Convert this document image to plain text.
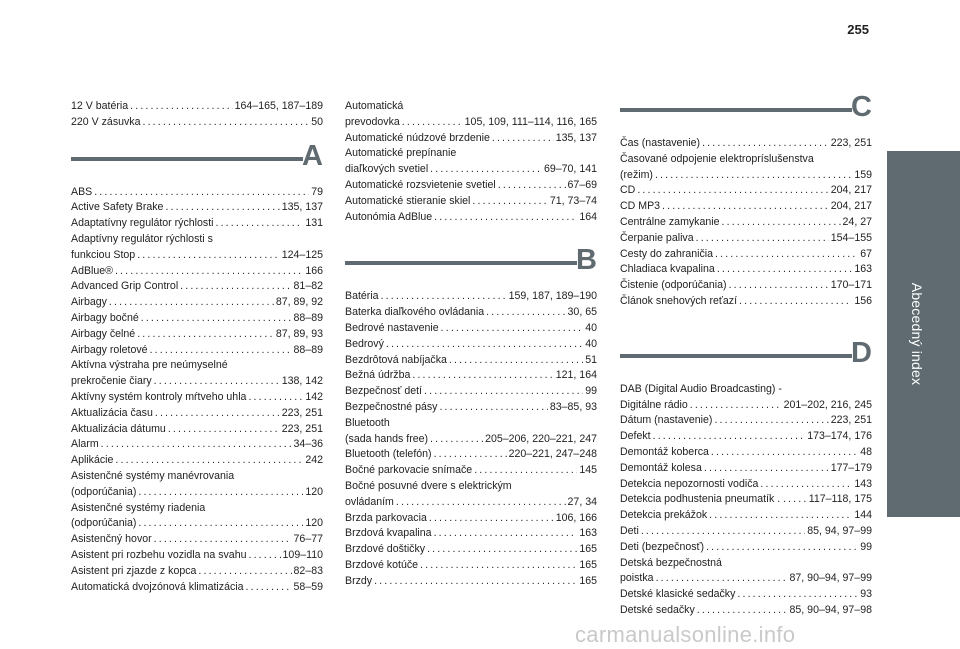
255
Abecedný index
12 V batéria . . .	164–165, 187–189
220 V zásuvka . . .	50
A
ABS . . .	79
Active Safety Brake . . .	135, 137
Adaptatívny regulátor rýchlosti . . .	131
Adaptívny regulátor rýchlosti s
funkciou Stop . . .	124–125
AdBlue® . . .	166
Advanced Grip Control . . .	81–82
Airbagy . . .	87, 89, 92
Airbagy bočné . . .	88–89
Airbagy čelné . . .	87, 89, 93
Airbagy roletové . . .	88–89
Aktívna výstraha pre neúmyselné
prekročenie čiary . . .	138, 142
Aktívny systém kontroly mŕtveho uhla . . .	142
Aktualizácia času . . .	223, 251
Aktualizácia dátumu . . .	223, 251
Alarm . . .	34–36
Aplikácie . . .	242
Asistenčné systémy manévrovania
(odporúčania) . . .	120
Asistenčné systémy riadenia
(odporúčania) . . .	120
Asistenčný hovor . . .	76–77
Asistent pri rozbehu vozidla na svahu . . .	109–110
Asistent pri zjazde z kopca . . .	82–83
Automatická dvojzónová klimatizácia . . .	58–59
Automatická
prevodovka . . .	105, 109, 111–114, 116, 165
Automatické núdzové brzdenie . . .	135, 137
Automatické prepínanie
diaľkových svetiel . . .	69–70, 141
Automatické rozsvietenie svetiel . . .	67–69
Automatické stieranie skiel . . .	71, 73–74
Autonómia AdBlue . . .	164
B
Batéria . . .	159, 187, 189–190
Baterka diaľkového ovládania . . .	30, 65
Bedrové nastavenie . . .	40
Bedrový . . .	40
Bezdrôtová nabíjačka . . .	51
Bežná údržba . . .	121, 164
Bezpečnosť detí . . .	99
Bezpečnostné pásy . . .	83–85, 93
Bluetooth
(sada hands free) . . .	205–206, 220–221, 247
Bluetooth (telefón) . . .	220–221, 247–248
Bočné parkovacie snímače . . .	145
Bočné posuvné dvere s elektrickým
ovládaním . . .	27, 34
Brzda parkovacia . . .	106, 166
Brzdová kvapalina . . .	163
Brzdové doštičky . . .	165
Brzdové kotúče . . .	165
Brzdy . . .	165
C
Čas (nastavenie) . . .	223, 251
Časované odpojenie elektropríslušenstva
(režim) . . .	159
CD . . .	204, 217
CD MP3 . . .	204, 217
Centrálne zamykanie . . .	24, 27
Čerpanie paliva . . .	154–155
Cesty do zahraničia . . .	67
Chladiaca kvapalina . . .	163
Čistenie (odporúčania) . . .	170–171
Článok snehových reťazí . . .	156
D
DAB (Digital Audio Broadcasting) -
Digitálne rádio . . .	201–202, 216, 245
Dátum (nastavenie) . . .	223, 251
Defekt . . .	173–174, 176
Demontáž koberca . . .	48
Demontáž kolesa . . .	177–179
Detekcia nepozornosti vodiča . . .	143
Detekcia podhustenia pneumatík . . . . . 117–118, 175
Detekcia prekážok . . .	144
Deti . . .	85, 94, 97–99
Deti (bezpečnosť) . . .	99
Detská bezpečnostná
poistka . . .	87, 90–94, 97–99
Detské klasické sedačky . . .	93
Detské sedačky . . .	85, 90–94, 97–98
carmanualsonline.info
